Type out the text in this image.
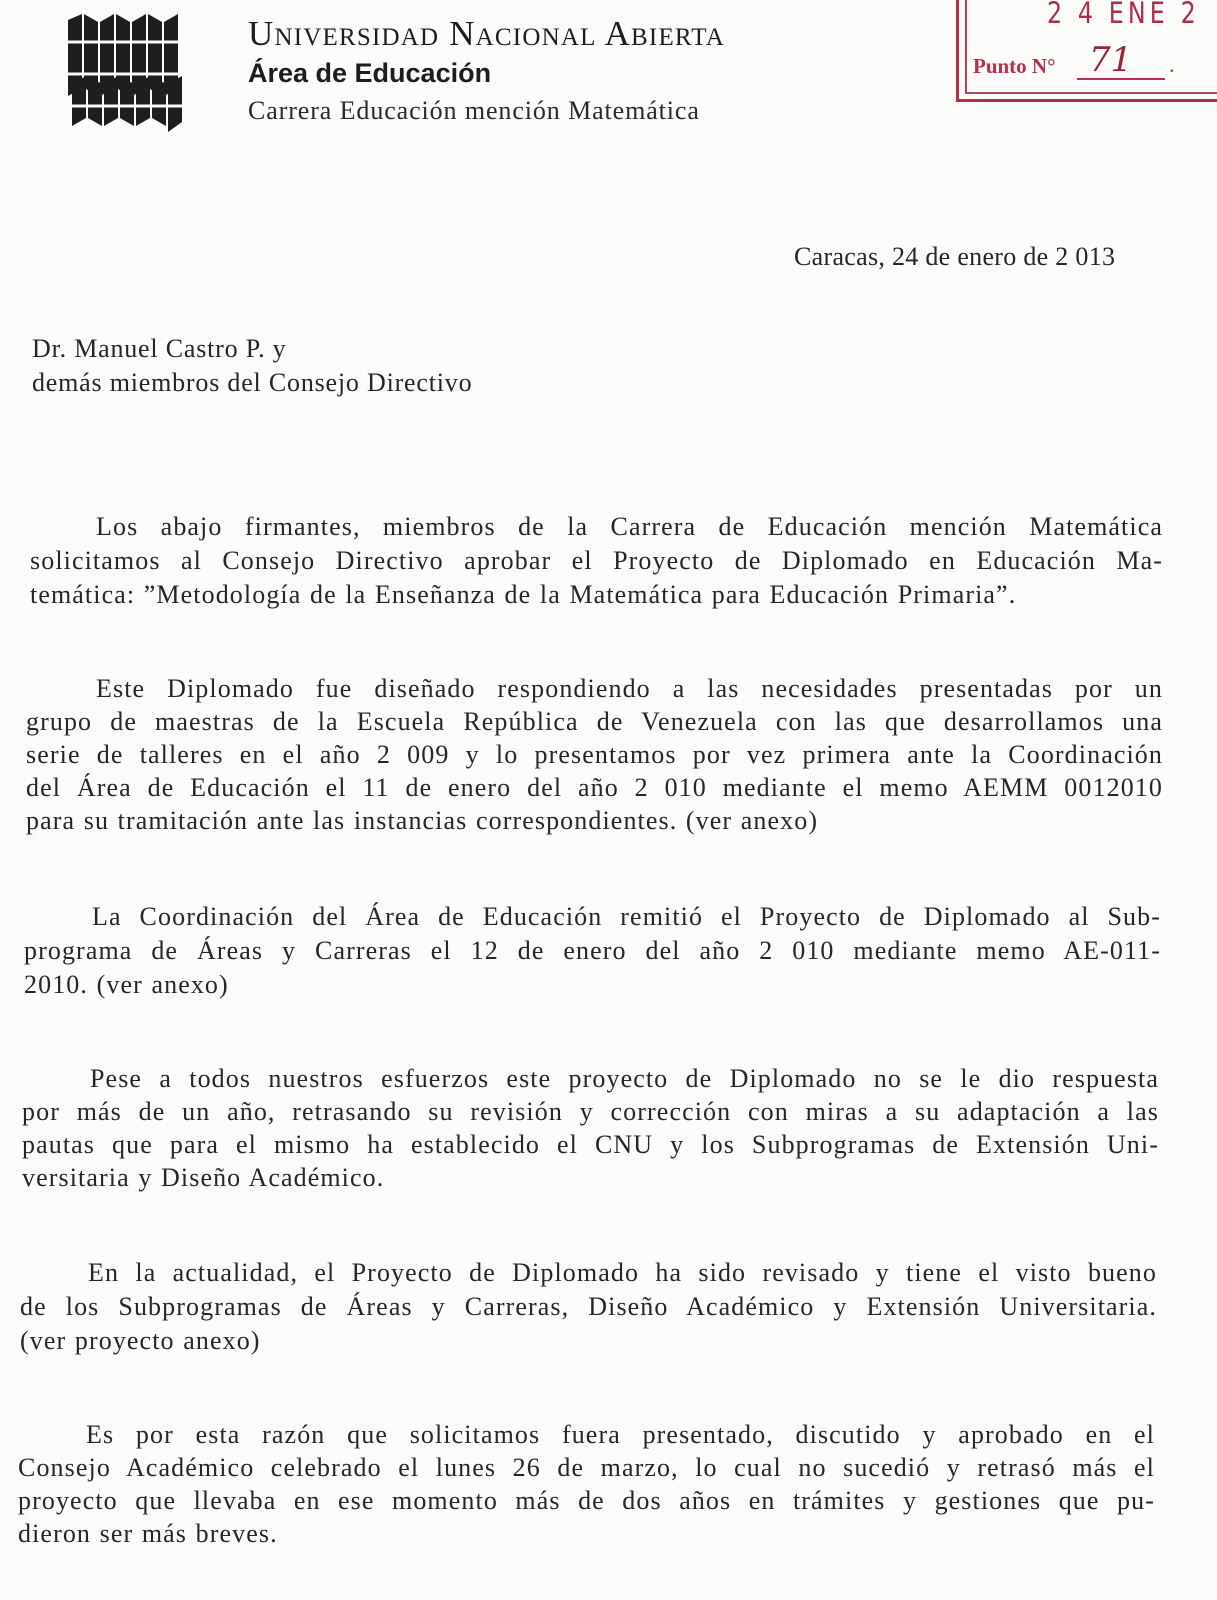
Universidad Nacional Abierta
Área de Educación
Carrera Educación mención Matemática
2 4 ENE 2
Punto N° 71 .
Caracas, 24 de enero de 2 013
Dr. Manuel Castro P. y
demás miembros del Consejo Directivo
Los abajo firmantes, miembros de la Carrera de Educación mención Matemática
solicitamos al Consejo Directivo aprobar el Proyecto de Diplomado en Educación Ma-
temática: ”Metodología de la Enseñanza de la Matemática para Educación Primaria”.
Este Diplomado fue diseñado respondiendo a las necesidades presentadas por un
grupo de maestras de la Escuela República de Venezuela con las que desarrollamos una
serie de talleres en el año 2 009 y lo presentamos por vez primera ante la Coordinación
del Área de Educación el 11 de enero del año 2 010 mediante el memo AEMM 0012010
para su tramitación ante las instancias correspondientes. (ver anexo)
La Coordinación del Área de Educación remitió el Proyecto de Diplomado al Sub-
programa de Áreas y Carreras el 12 de enero del año 2 010 mediante memo AE-011-
2010. (ver anexo)
Pese a todos nuestros esfuerzos este proyecto de Diplomado no se le dio respuesta
por más de un año, retrasando su revisión y corrección con miras a su adaptación a las
pautas que para el mismo ha establecido el CNU y los Subprogramas de Extensión Uni-
versitaria y Diseño Académico.
En la actualidad, el Proyecto de Diplomado ha sido revisado y tiene el visto bueno
de los Subprogramas de Áreas y Carreras, Diseño Académico y Extensión Universitaria.
(ver proyecto anexo)
Es por esta razón que solicitamos fuera presentado, discutido y aprobado en el
Consejo Académico celebrado el lunes 26 de marzo, lo cual no sucedió y retrasó más el
proyecto que llevaba en ese momento más de dos años en trámites y gestiones que pu-
dieron ser más breves.
